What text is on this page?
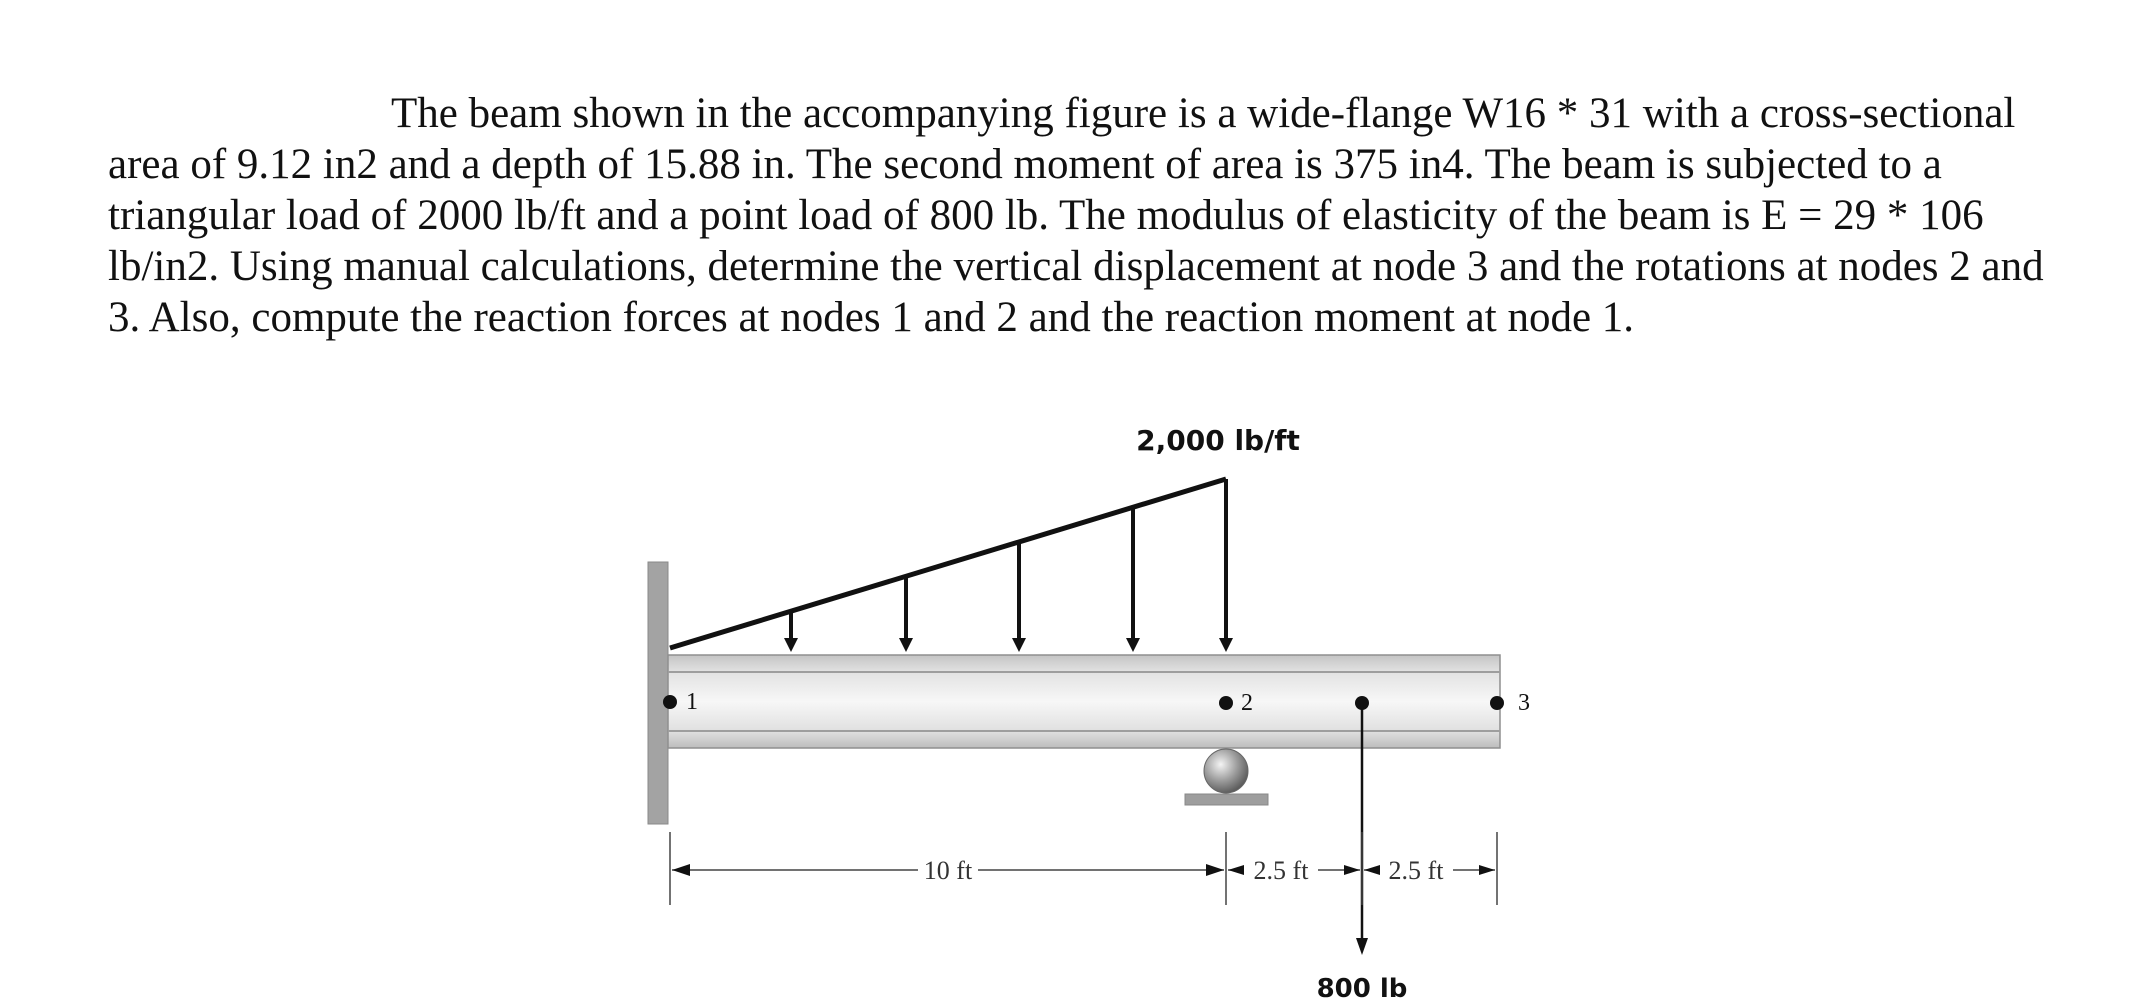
The beam shown in the accompanying figure is a wide-flange W16 * 31 with a cross-sectional area of 9.12 in2 and a depth of 15.88 in. The second moment of area is 375 in4. The beam is subjected to a triangular load of 2000 lb/ft and a point load of 800 lb. The modulus of elasticity of the beam is E = 29 * 106 lb/in2. Using manual calculations, determine the vertical displacement at node 3 and the rotations at nodes 2 and 3. Also, compute the reaction forces at nodes 1 and 2 and the reaction moment at node 1.

2,000 lb/ft
1	2	3
800 lb
10 ft	2.5 ft	2.5 ft
